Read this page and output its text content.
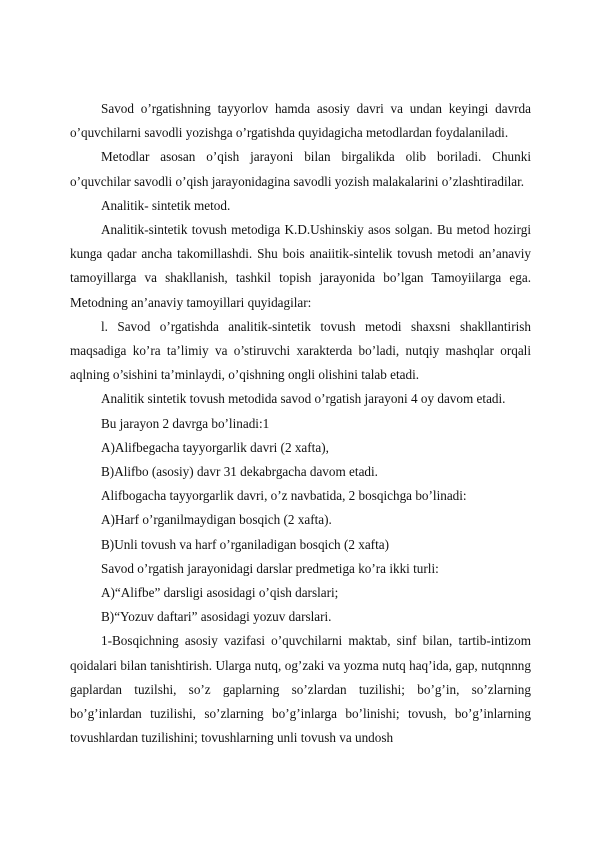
Savod o’rgatishning tayyorlov hamda asosiy davri va undan keyingi davrda o’quvchilarni savodli yozishga o’rgatishda quyidagicha metodlardan foydalaniladi.

Metodlar asosan o’qish jarayoni bilan birgalikda olib boriladi. Chunki o’quvchilar savodli o’qish jarayonidagina savodli yozish malakalarini o’zlashtiradilar.

Analitik- sintetik metod.

Analitik-sintetik tovush metodiga K.D.Ushinskiy asos solgan. Bu metod hozirgi kunga qadar ancha takomillashdi. Shu bois anaiitik-sintelik tovush metodi an’anaviy tamoyillarga va shakllanish, tashkil topish jarayonida bo’lgan Tamoyiilarga ega. Metodning an’anaviy tamoyillari quyidagilar:

l. Savod o’rgatishda analitik-sintetik tovush metodi shaxsni shakllantirish maqsadiga ko’ra ta’limiy va o’stiruvchi xarakterda bo’ladi, nutqiy mashqlar orqali aqlning o’sishini ta’minlaydi, o’qishning ongli olishini talab etadi.

Analitik sintetik tovush metodida savod o’rgatish jarayoni 4 oy davom etadi.

Bu jarayon 2 davrga bo’linadi:1

A)Alifbegacha tayyorgarlik davri (2 xafta),

B)Alifbo (asosiy) davr 31 dekabrgacha davom etadi.

Alifbogacha tayyorgarlik davri, o’z navbatida, 2 bosqichga bo’linadi:

A)Harf o’rganilmaydigan bosqich (2 xafta).

B)Unli tovush va harf o’rganiladigan bosqich (2 xafta)

Savod o’rgatish jarayonidagi darslar predmetiga ko’ra ikki turli:

A)“Alifbe” darsligi asosidagi o’qish darslari;

B)“Yozuv daftari” asosidagi yozuv darslari.

1-Bosqichning asosiy vazifasi o’quvchilarni maktab, sinf bilan, tartib-intizom qoidalari bilan tanishtirish. Ularga nutq, og’zaki va yozma nutq haq’ida, gap, nutqnnng gaplardan tuzilshi, so’z gaplarning so’zlardan tuzilishi; bo’g’in, so’zlarning bo’g’inlardan tuzilishi, so’zlarning bo’g’inlarga bo’linishi; tovush, bo’g’inlarning tovushlardan tuzilishini; tovushlarning unli tovush va undosh
